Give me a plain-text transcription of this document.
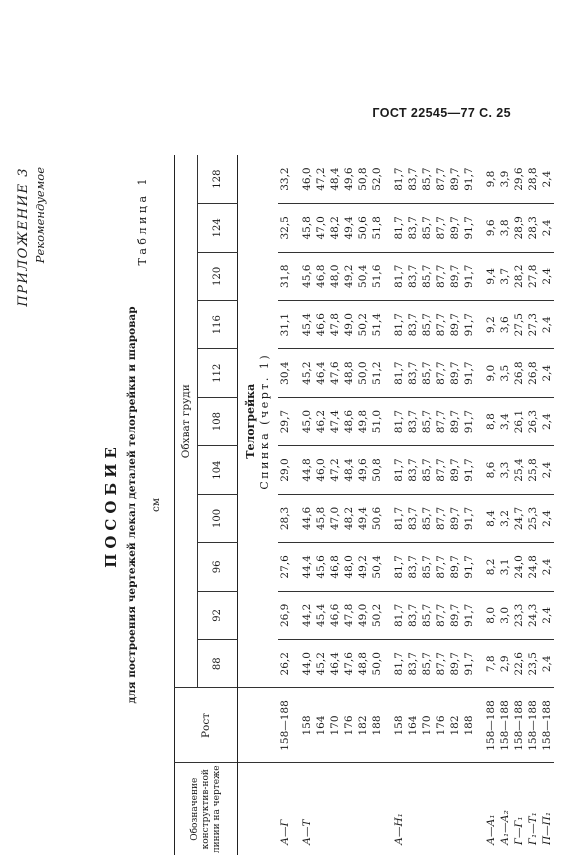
ГОСТ 22545—77 С. 25
ПРИЛОЖЕНИЕ 3 Рекомендуемое
ПОСОБИЕ для построения чертежей лекал деталей телогрейки и шаровар см
Таблица 1
Обозначение конструктив-ной линии на чертеже	Рост	Обхват груди										
		88	92	96	100	104	108	112	116	120	124	128
		Телогрейка										
		Спинка (черт. 1)										
А—Г	158—188	26,2	26,9	27,6	28,3	29,0	29,7	30,4	31,1	31,8	32,5	33,2

А—Т	158	44,0	44,2	44,4	44,6	44,8	45,0	45,2	45,4	45,6	45,8	46,0
	164	45,2	45,4	45,6	45,8	46,0	46,2	46,4	46,6	46,8	47,0	47,2
	170	46,4	46,6	46,8	47,0	47,2	47,4	47,6	47,8	48,0	48,2	48,4
	176	47,6	47,8	48,0	48,2	48,4	48,6	48,8	49,0	49,2	49,4	49,6
	182	48,8	49,0	49,2	49,4	49,6	49,8	50,0	50,2	50,4	50,6	50,8
	188	50,0	50,2	50,4	50,6	50,8	51,0	51,2	51,4	51,6	51,8	52,0

А—Н₁	158	81,7	81,7	81,7	81,7	81,7	81,7	81,7	81,7	81,7	81,7	81,7
	164	83,7	83,7	83,7	83,7	83,7	83,7	83,7	83,7	83,7	83,7	83,7
	170	85,7	85,7	85,7	85,7	85,7	85,7	85,7	85,7	85,7	85,7	85,7
	176	87,7	87,7	87,7	87,7	87,7	87,7	87,7	87,7	87,7	87,7	87,7
	182	89,7	89,7	89,7	89,7	89,7	89,7	89,7	89,7	89,7	89,7	89,7
	188	91,7	91,7	91,7	91,7	91,7	91,7	91,7	91,7	91,7	91,7	91,7

А—А₁	158—188	7,8	8,0	8,2	8,4	8,6	8,8	9,0	9,2	9,4	9,6	9,8
А₁—А₂	158—188	2,9	3,0	3,1	3,2	3,3	3,4	3,5	3,6	3,7	3,8	3,9
Г—Г₁	158—188	22,6	23,3	24,0	24,7	25,4	26,1	26,8	27,5	28,2	28,9	29,6
Г₁—Т₁	158—188	23,5	24,3	24,8	25,3	25,8	26,3	26,8	27,3	27,8	28,3	28,8
П—П₁	158—188	2,4	2,4	2,4	2,4	2,4	2,4	2,4	2,4	2,4	2,4	2,4
